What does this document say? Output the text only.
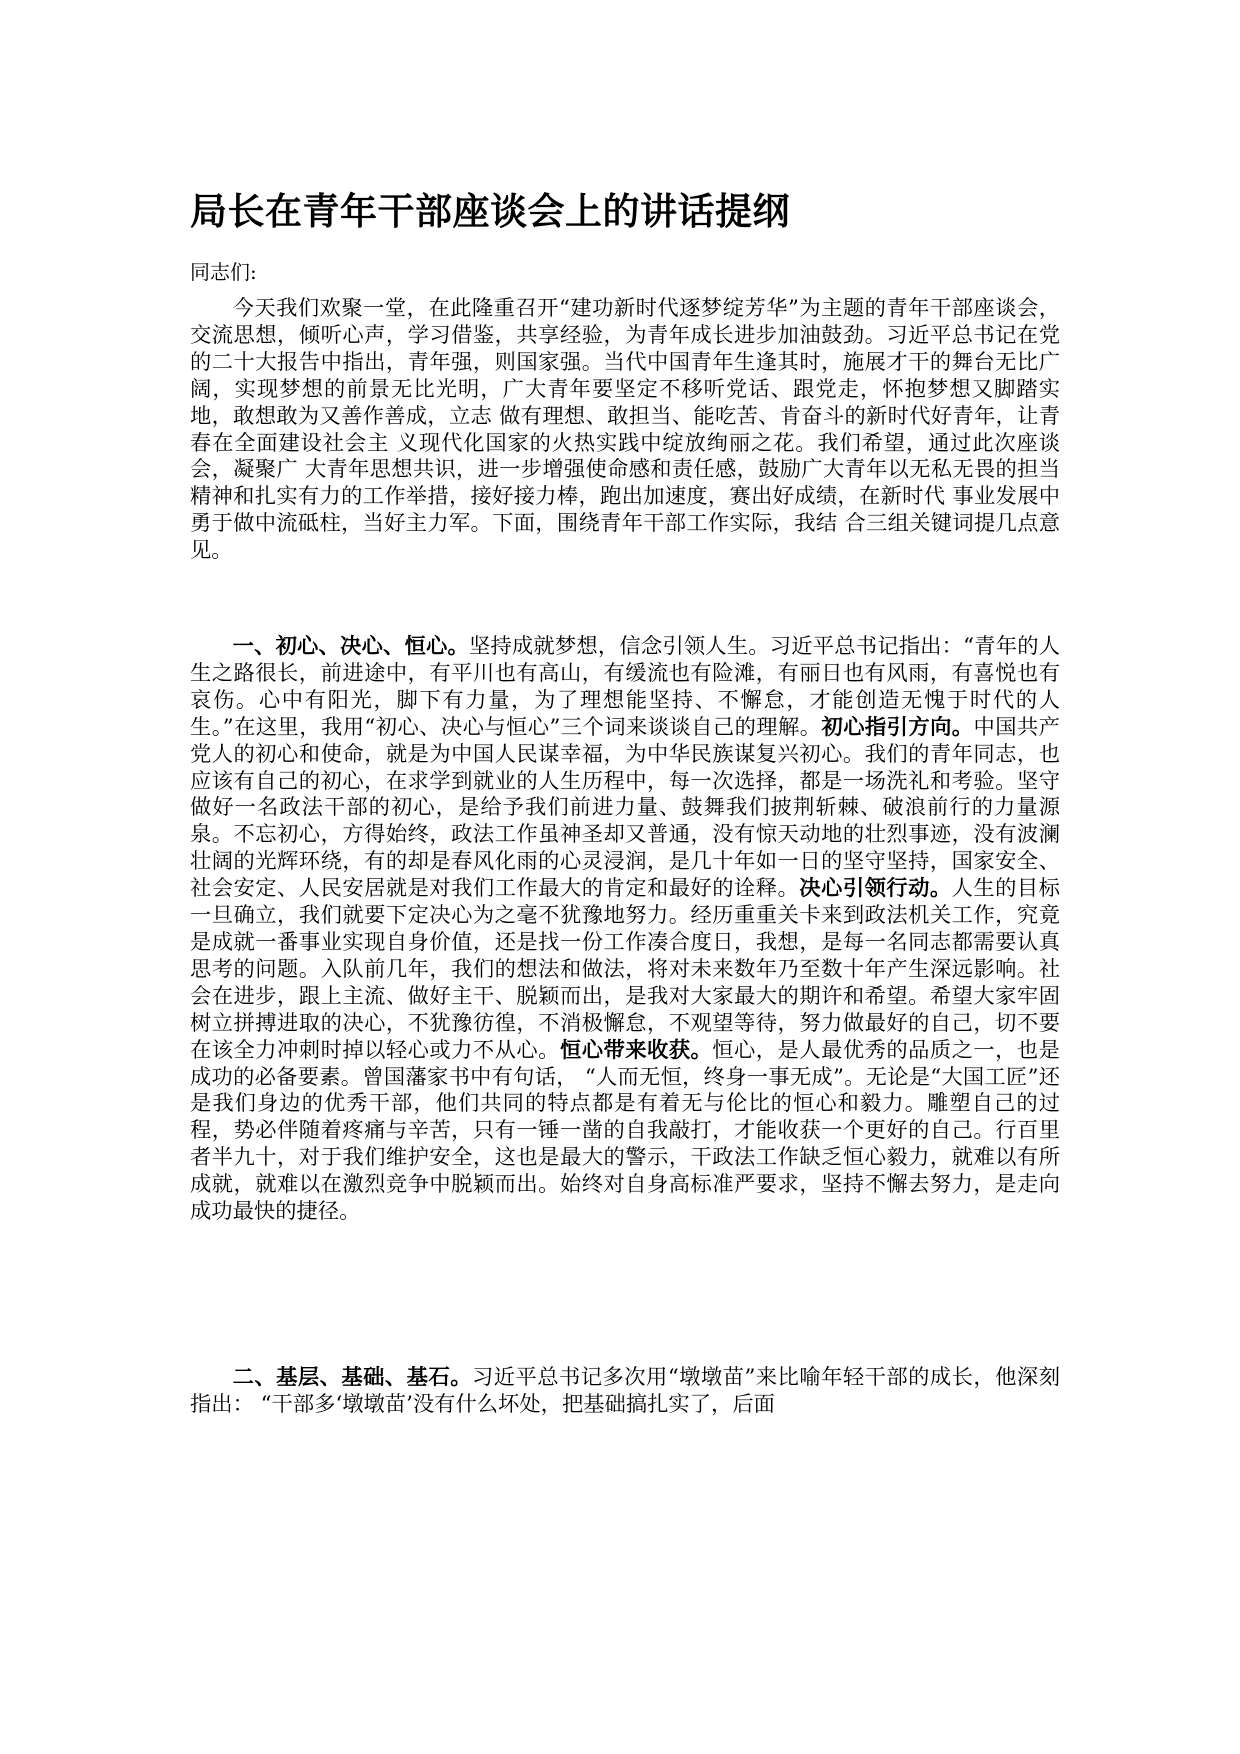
局长在青年干部座谈会上的讲话提纲

同志们:

今天我们欢聚一堂，在此隆重召开“建功新时代逐梦绽芳华”为主题的青年干部座谈会，交流思想，倾听心声，学习借鉴，共享经验，为青年成长进步加油鼓劲。习近平总书记在党的二十大报告中指出，青年强，则国家强。当代中国青年生逢其时，施展才干的舞台无比广阔，实现梦想的前景无比光明，广大青年要坚定不移听党话、跟党走，怀抱梦想又脚踏实地，敢想敢为又善作善成，立志 做有理想、敢担当、能吃苦、肯奋斗的新时代好青年，让青春在全面建设社会主 义现代化国家的火热实践中绽放绚丽之花。我们希望，通过此次座谈会，凝聚广 大青年思想共识，进一步增强使命感和责任感，鼓励广大青年以无私无畏的担当 精神和扎实有力的工作举措，接好接力棒，跑出加速度，赛出好成绩，在新时代 事业发展中勇于做中流砥柱，当好主力军。下面，围绕青年干部工作实际，我结 合三组关键词提几点意见。

一、初心、决心、恒心。坚持成就梦想，信念引领人生。习近平总书记指出：“青年的人生之路很长，前进途中，有平川也有高山，有缓流也有险滩，有丽日也有风雨，有喜悦也有哀伤。心中有阳光，脚下有力量，为了理想能坚持、不懈怠，才能创造无愧于时代的人生。”在这里，我用“初心、决心与恒心”三个词来谈谈自己的理解。初心指引方向。中国共产党人的初心和使命，就是为中国人民谋幸福，为中华民族谋复兴初心。我们的青年同志，也应该有自己的初心，在求学到就业的人生历程中，每一次选择，都是一场洗礼和考验。坚守做好一名政法干部的初心，是给予我们前进力量、鼓舞我们披荆斩棘、破浪前行的力量源泉。不忘初心，方得始终，政法工作虽神圣却又普通，没有惊天动地的壮烈事迹，没有波澜壮阔的光辉环绕，有的却是春风化雨的心灵浸润，是几十年如一日的坚守坚持，国家安全、社会安定、人民安居就是对我们工作最大的肯定和最好的诠释。决心引领行动。人生的目标一旦确立，我们就要下定决心为之毫不犹豫地努力。经历重重关卡来到政法机关工作，究竟是成就一番事业实现自身价值，还是找一份工作凑合度日，我想，是每一名同志都需要认真思考的问题。入队前几年，我们的想法和做法，将对未来数年乃至数十年产生深远影响。社会在进步，跟上主流、做好主干、脱颖而出，是我对大家最大的期许和希望。希望大家牢固树立拼搏进取的决心，不犹豫彷徨，不消极懈怠，不观望等待，努力做最好的自己，切不要在该全力冲刺时掉以轻心或力不从心。恒心带来收获。恒心，是人最优秀的品质之一，也是成功的必备要素。曾国藩家书中有句话， “人而无恒，终身一事无成”。无论是“大国工匠”还是我们身边的优秀干部，他们共同的特点都是有着无与伦比的恒心和毅力。雕塑自己的过程，势必伴随着疼痛与辛苦，只有一锤一凿的自我敲打，才能收获一个更好的自己。行百里者半九十，对于我们维护安全，这也是最大的警示，干政法工作缺乏恒心毅力，就难以有所成就，就难以在激烈竞争中脱颖而出。始终对自身高标准严要求，坚持不懈去努力，是走向成功最快的捷径。

二、基层、基础、基石。习近平总书记多次用“墩墩苗”来比喻年轻干部的成长，他深刻指出： “干部多‘墩墩苗’没有什么坏处，把基础搞扎实了，后面
